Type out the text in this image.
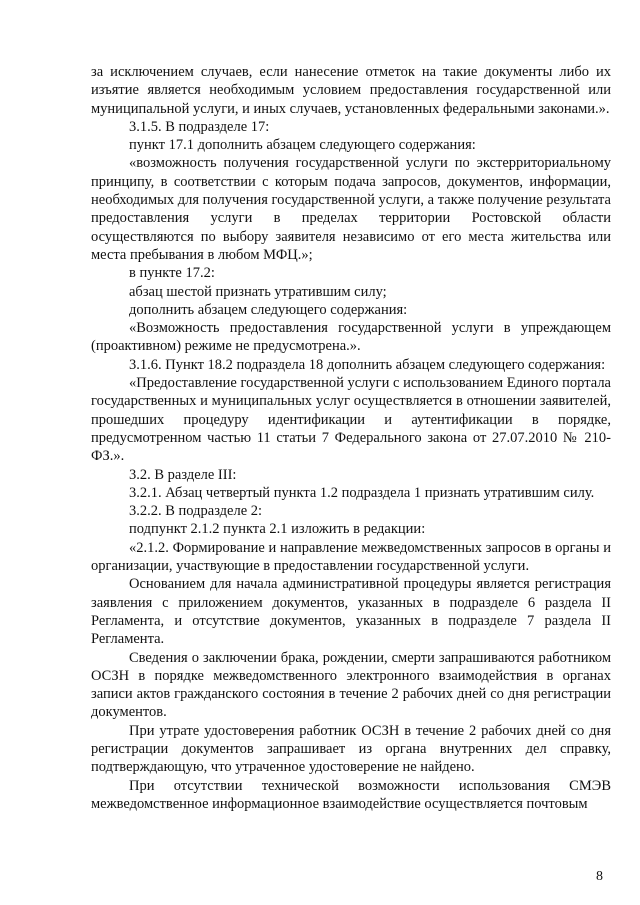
за исключением случаев, если нанесение отметок на такие документы либо их изъятие является необходимым условием предоставления государственной или муниципальной услуги, и иных случаев, установленных федеральными законами.».

3.1.5. В подразделе 17:

пункт 17.1 дополнить абзацем следующего содержания:

«возможность получения государственной услуги по экстерриториальному принципу, в соответствии с которым подача запросов, документов, информации, необходимых для получения государственной услуги, а также получение результата предоставления услуги в пределах территории Ростовской области осуществляются по выбору заявителя независимо от его места жительства или места пребывания в любом МФЦ.»;

в пункте 17.2:

абзац шестой признать утратившим силу;

дополнить абзацем следующего содержания:

«Возможность предоставления государственной услуги в упреждающем (проактивном) режиме не предусмотрена.».

3.1.6. Пункт 18.2 подраздела 18 дополнить абзацем следующего содержания:

«Предоставление государственной услуги с использованием Единого портала государственных и муниципальных услуг осуществляется в отношении заявителей, прошедших процедуру идентификации и аутентификации в порядке, предусмотренном частью 11 статьи 7 Федерального закона от 27.07.2010 № 210-ФЗ.».

3.2. В разделе III:

3.2.1. Абзац четвертый пункта 1.2 подраздела 1 признать утратившим силу.

3.2.2. В подразделе 2:

подпункт 2.1.2 пункта 2.1 изложить в редакции:

«2.1.2. Формирование и направление межведомственных запросов в органы и организации, участвующие в предоставлении государственной услуги.

Основанием для начала административной процедуры является регистрация заявления с приложением документов, указанных в подразделе 6 раздела II Регламента, и отсутствие документов, указанных в подразделе 7 раздела II Регламента.

Сведения о заключении брака, рождении, смерти запрашиваются работником ОСЗН в порядке межведомственного электронного взаимодействия в органах записи актов гражданского состояния в течение 2 рабочих дней со дня регистрации документов.

При утрате удостоверения работник ОСЗН в течение 2 рабочих дней со дня регистрации документов запрашивает из органа внутренних дел справку, подтверждающую, что утраченное удостоверение не найдено.

При отсутствии технической возможности использования СМЭВ межведомственное информационное взаимодействие осуществляется почтовым

8
